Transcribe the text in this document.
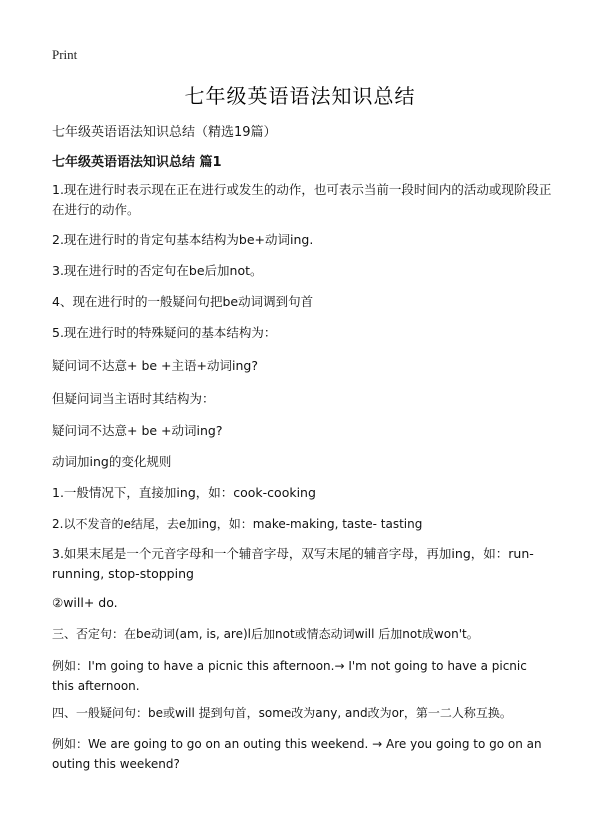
Print
七年级英语语法知识总结
七年级英语语法知识总结（精选19篇）
七年级英语语法知识总结 篇1
1.现在进行时表示现在正在进行或发生的动作，也可表示当前一段时间内的活动或现阶段正在进行的动作。
2.现在进行时的肯定句基本结构为be+动词ing.
3.现在进行时的否定句在be后加not。
4、现在进行时的一般疑问句把be动词调到句首
5.现在进行时的特殊疑问的基本结构为：
疑问词不达意+ be +主语+动词ing?
但疑问词当主语时其结构为：
疑问词不达意+ be +动词ing?
动词加ing的变化规则
1.一般情况下，直接加ing，如：cook-cooking
2.以不发音的e结尾，去e加ing，如：make-making, taste- tasting
3.如果末尾是一个元音字母和一个辅音字母，双写末尾的辅音字母，再加ing，如：run-running, stop-stopping
②will+ do.
三、否定句：在be动词(am, is, are)l后加not或情态动词will 后加not成won't。
例如：I'm going to have a picnic this afternoon.→ I'm not going to have a picnic this afternoon.
四、一般疑问句：be或will 提到句首，some改为any, and改为or，第一二人称互换。
例如：We are going to go on an outing this weekend. → Are you going to go on an outing this weekend?
